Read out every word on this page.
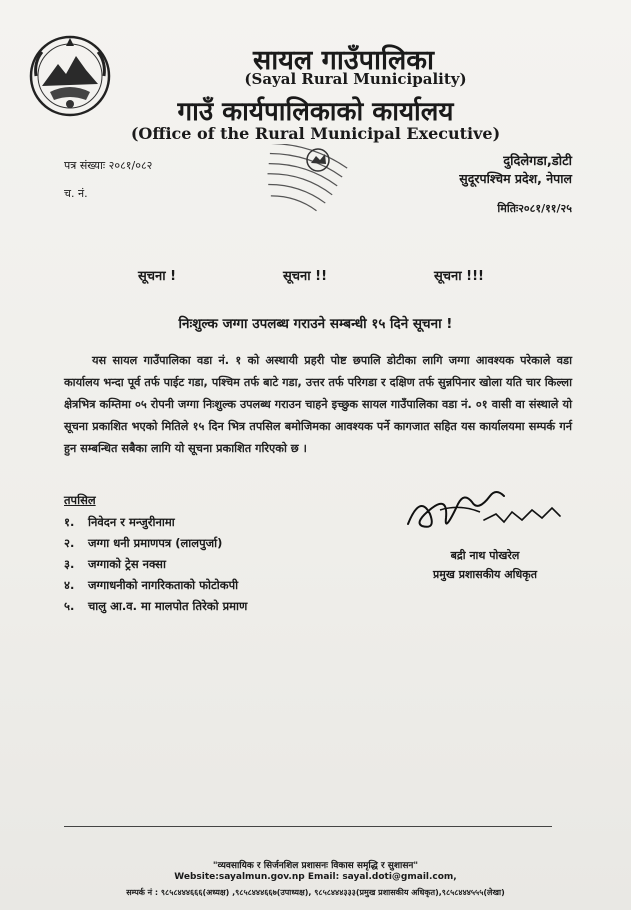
सायल गाउँपालिका
(Sayal Rural Municipality)
गाउँ कार्यपालिकाको कार्यालय
(Office of the Rural Municipal Executive)
पत्र संख्याः २०८१/०८२
च. नं.
दुदिलेगडा,डोटी
सुदूरपश्चिम प्रदेश, नेपाल
मितिः२०८१/११/२५
सूचना !	सूचना !!	सूचना !!!
निःशुल्क जग्गा उपलब्ध गराउने सम्बन्धी १५ दिने सूचना !
यस सायल गाउँपालिका वडा नं. १ को अस्थायी प्रहरी पोष्ट छपालि डोटीका लागि जग्गा आवश्यक परेकाले वडा कार्यालय भन्दा पूर्व तर्फ पाईट गडा, पश्चिम तर्फ बाटे गडा, उत्तर तर्फ परिगडा र दक्षिण तर्फ सुन्नपिनार खोला यति चार किल्ला क्षेत्रभित्र कम्तिमा ०५ रोपनी जग्गा निःशुल्क उपलब्ध गराउन चाहने इच्छुक सायल गाउँपालिका वडा नं. ०१ वासी वा संस्थाले यो सूचना प्रकाशित भएको मितिले १५ दिन भित्र तपसिल बमोजिमका आवश्यक पर्ने कागजात सहित यस कार्यालयमा सम्पर्क गर्न हुन सम्बन्धित सबैका लागि यो सूचना प्रकाशित गरिएको छ ।
तपसिल
१. निवेदन र मन्जुरीनामा
२. जग्गा धनी प्रमाणपत्र (लालपुर्जा)
३. जग्गाको ट्रेस नक्सा
४. जग्गाधनीको नागरिकताको फोटोकपी
५. चालु आ.व. मा मालपोत तिरेको प्रमाण
बद्री नाथ पोखरेल
प्रमुख प्रशासकीय अधिकृत
"व्यवसायिक र सिर्जनशिल प्रशासनः विकास समृद्धि र सुशासन"
Website:sayalmun.gov.np Email: sayal.doti@gmail.com,
सम्पर्क नं : ९८५८४४४६६६(अध्यक्ष) ,९८५८४४४६६७(उपाध्यक्ष), ९८५८४४४३३३(प्रमुख प्रशासकीय अधिकृत),९८५८४४४५५५(लेखा)
